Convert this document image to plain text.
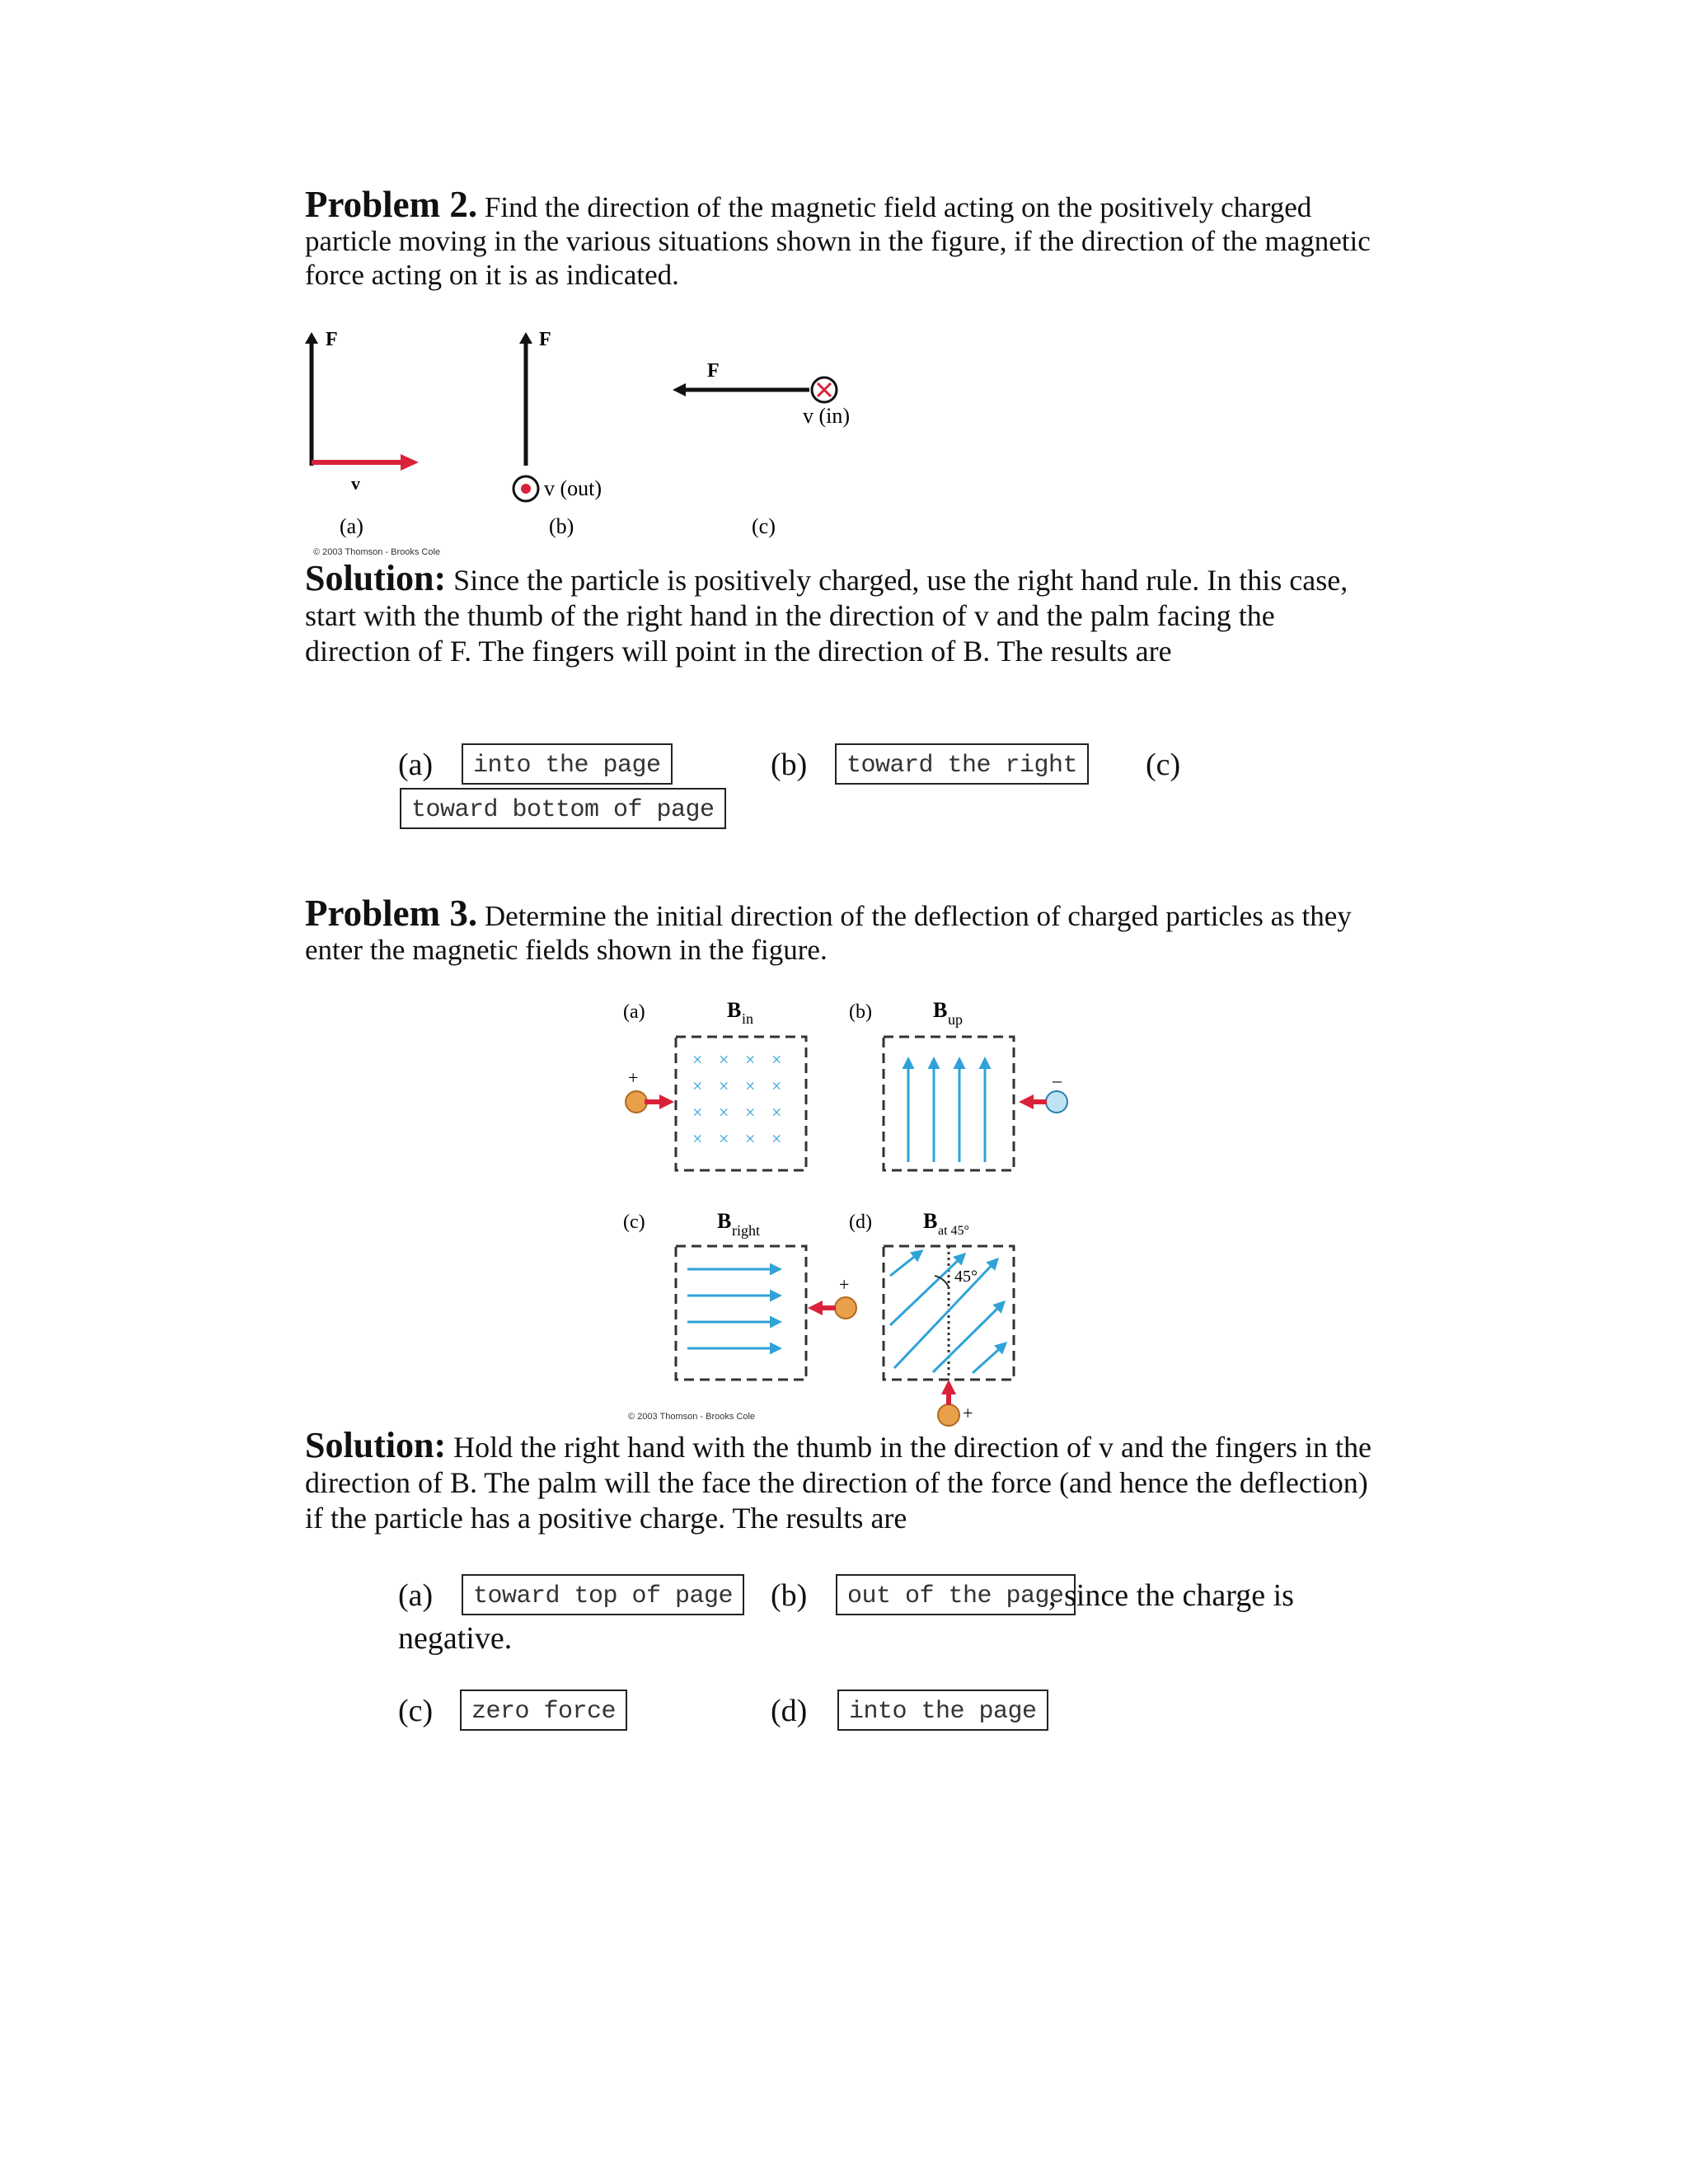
Problem 2. Find the direction of the magnetic field acting on the positively charged particle moving in the various situations shown in the figure, if the direction of the magnetic force acting on it is as indicated.
F
v
(a)
F
v (out)
(b)
F
v (in)
(c)
© 2003 Thomson - Brooks Cole
Solution: Since the particle is positively charged, use the right hand rule. In this case, start with the thumb of the right hand in the direction of v and the palm facing the direction of F. The fingers will point in the direction of B. The results are
(a)	into the page	(b)	toward the right	(c)
toward bottom of page
Problem 3. Determine the initial direction of the deflection of charged particles as they enter the magnetic fields shown in the figure.
(a)	B in
× × × ×
× × × ×
× × × ×
× × × ×
+
(b)	B up
–
(c)	B right
+
(d) B at 45°
45°
+
© 2003 Thomson - Brooks Cole
Solution: Hold the right hand with the thumb in the direction of v and the fingers in the direction of B. The palm will the face the direction of the force (and hence the deflection) if the particle has a positive charge. The results are
(a)	toward top of page	(b)	out of the page
, since the charge is
negative.
(c)	zero force	(d)	into the page
